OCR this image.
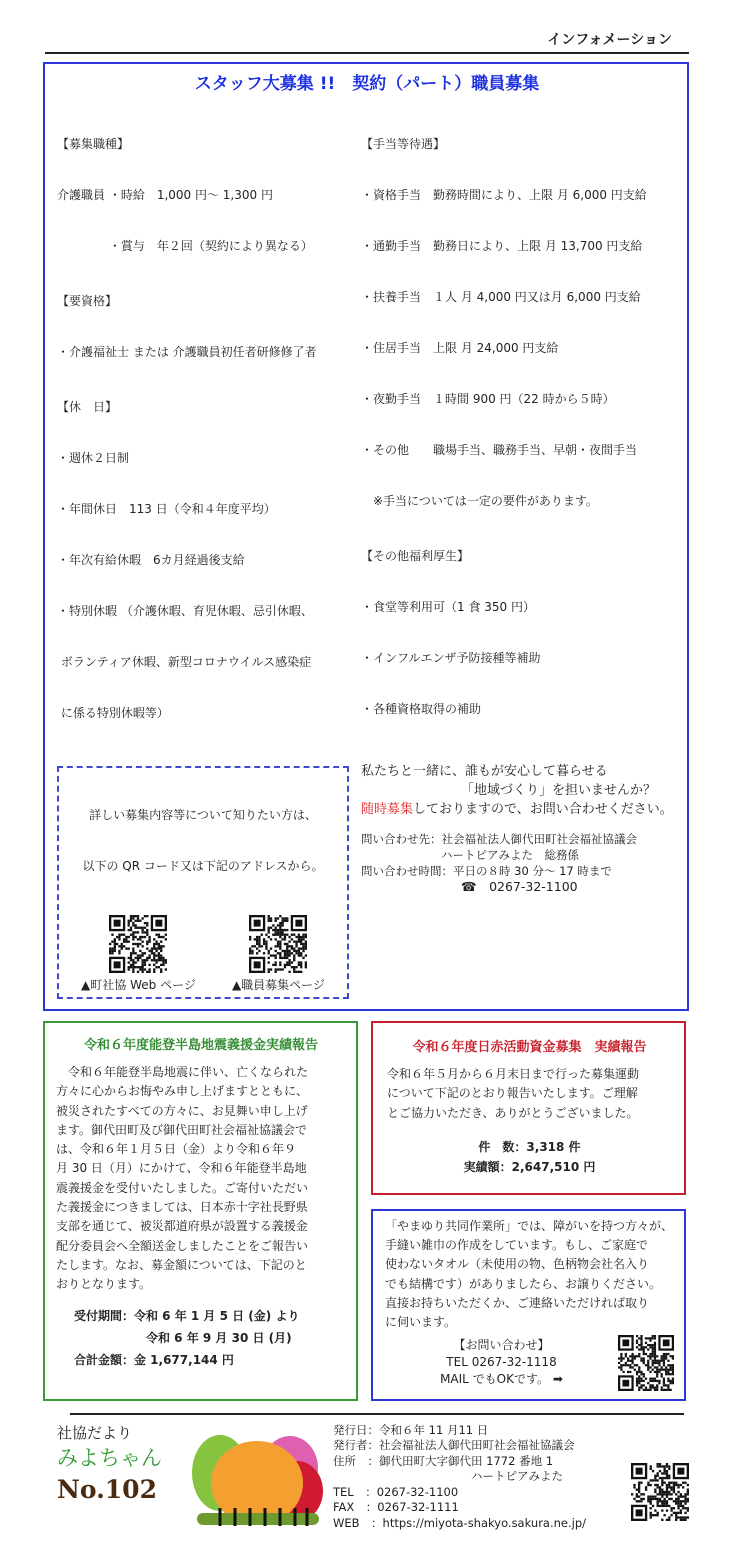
インフォメーション
スタッフ大募集 !!　契約（パート）職員募集

【募集職種】

介護職員 ・時給　1,000 円～ 1,300 円

　　　　 ・賞与　年２回（契約により異なる）

【要資格】

・介護福祉士 または 介護職員初任者研修修了者

【休　日】

・週休２日制

・年間休日　113 日（令和４年度平均）

・年次有給休暇　6カ月経過後支給

・特別休暇 （介護休暇、育児休暇、忌引休暇、

ボランティア休暇、新型コロナウイルス感染症

に係る特別休暇等）

詳しい募集内容等について知りたい方は、

以下の QR コード又は下記のアドレスから。

▲町社協 Web ページ	▲職員募集ページ

【手当等待遇】

・資格手当　勤務時間により、上限 月 6,000 円支給

・通勤手当　勤務日により、上限 月 13,700 円支給

・扶養手当　１人 月 4,000 円又は月 6,000 円支給

・住居手当　上限 月 24,000 円支給

・夜勤手当　１時間 900 円（22 時から５時）

・その他　　職場手当、職務手当、早朝・夜間手当

　※手当については一定の要件があります。

【その他福利厚生】

・食堂等利用可（1 食 350 円）

・インフルエンザ予防接種等補助

・各種資格取得の補助

私たちと一緒に、誰もが安心して暮らせる
「地域づくり」を担いませんか？
随時募集しておりますので、お問い合わせください。
問い合わせ先：社会福祉法人御代田町社会福祉協議会
ハートピアみよた　総務係
問い合わせ時間：平日の８時 30 分～ 17 時まで
☎　0267-32-1100
令和６年度能登半島地震義援金実績報告
　令和６年能登半島地震に伴い、亡くなられた
方々に心からお悔やみ申し上げますとともに、
被災されたすべての方々に、お見舞い申し上げ
ます。御代田町及び御代田町社会福祉協議会で
は、令和６年１月５日（金）より令和６年９
月 30 日（月）にかけて、令和６年能登半島地
震義援金を受付いたしました。ご寄付いただい
た義援金につきましては、日本赤十字社長野県
支部を通じて、被災都道府県が設置する義援金
配分委員会へ全額送金しましたことをご報告い
たします。なお、募金額については、下記のと
おりとなります。
受付期間：令和 6 年 1 月 5 日 (金) より
令和 6 年 9 月 30 日 (月)
合計金額：金 1,677,144 円
令和６年度日赤活動資金募集　実績報告
令和６年５月から６月末日まで行った募集運動
について下記のとおり報告いたします。ご理解
とご協力いただき、ありがとうございました。
件　数：3,318 件
実績額：2,647,510 円
「やまゆり共同作業所」では、障がいを持つ方々が、
手縫い雑巾の作成をしています。もし、ご家庭で
使わないタオル（未使用の物、色柄物会社名入り
でも結構です）がありましたら、お譲りください。
直接お持ちいただくか、ご連絡いただければ取り
に伺います。
【お問い合わせ】
TEL 0267-32-1118
MAIL でもOKです。 ➡
社協だより
みよちゃん
No.102
発行日：令和６年 11 月11 日
発行者：社会福祉法人御代田町社会福祉協議会
住所　：御代田町大字御代田 1772 番地 1
　　　　　　　　　　　　ハートピアみよた
TEL　：0267-32-1100
FAX　：0267-32-1111
WEB　：https://miyota-shakyo.sakura.ne.jp/
